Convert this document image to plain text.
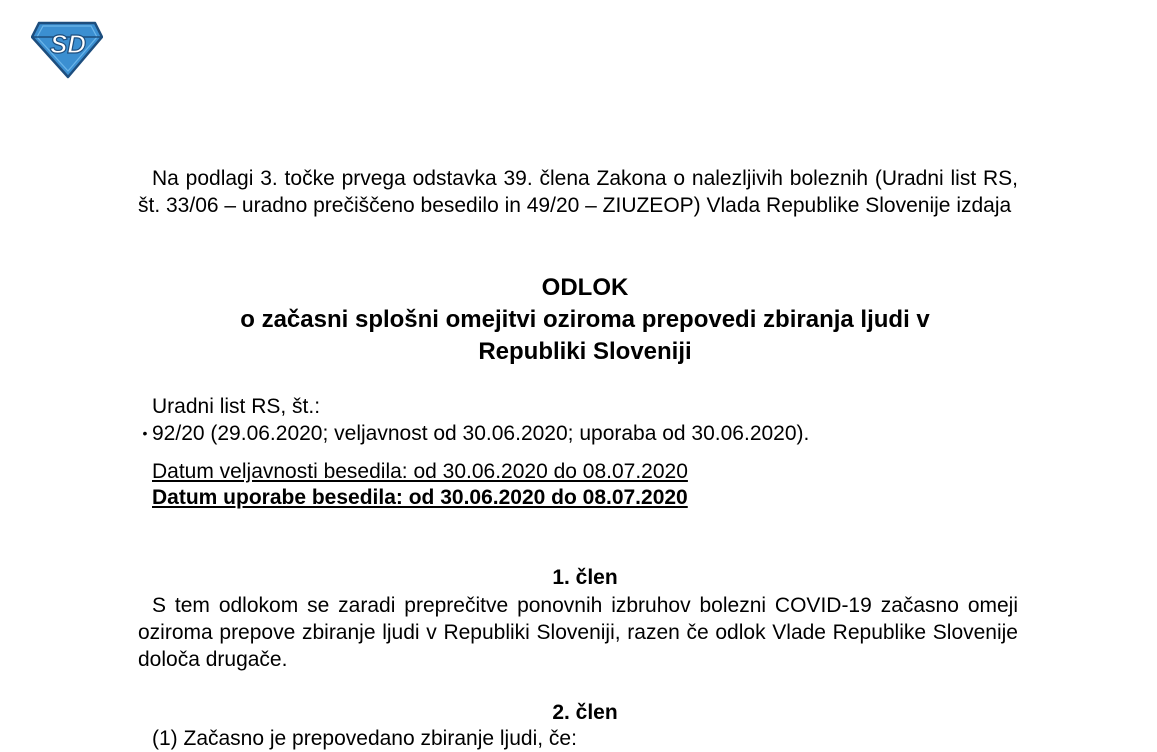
SD
Na podlagi 3. točke prvega odstavka 39. člena Zakona o nalezljivih boleznih (Uradni list RS, št. 33/06 – uradno prečiščeno besedilo in 49/20 – ZIUZEOP) Vlada Republike Slovenije izdaja
ODLOK
o začasni splošni omejitvi oziroma prepovedi zbiranja ljudi v
Republiki Sloveniji
Uradni list RS, št.:
• 92/20 (29.06.2020; veljavnost od 30.06.2020; uporaba od 30.06.2020).
Datum veljavnosti besedila: od 30.06.2020 do 08.07.2020
Datum uporabe besedila: od 30.06.2020 do 08.07.2020
1. člen
S tem odlokom se zaradi preprečitve ponovnih izbruhov bolezni COVID-19 začasno omeji oziroma prepove zbiranje ljudi v Republiki Sloveniji, razen če odlok Vlade Republike Slovenije določa drugače.
2. člen
(1) Začasno je prepovedano zbiranje ljudi, če:
